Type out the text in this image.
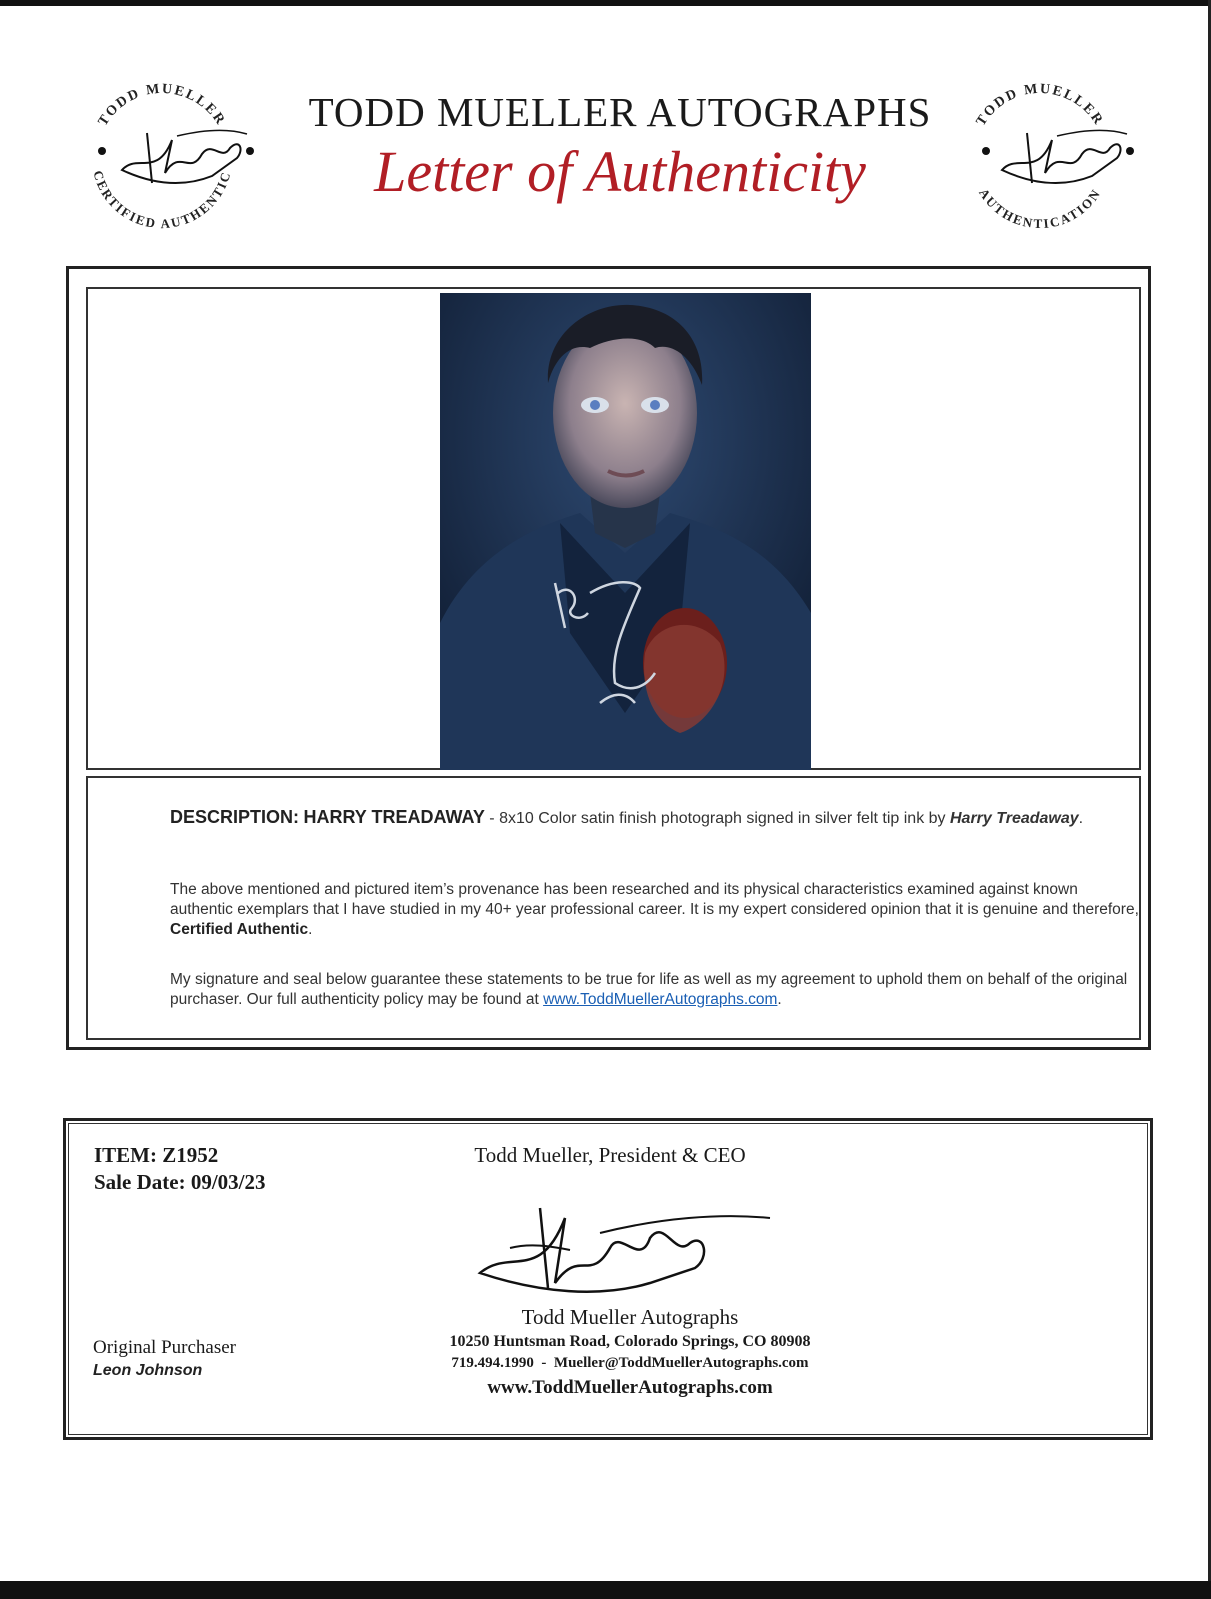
TODD MUELLER
CERTIFIED AUTHENTIC
TODD MUELLER
AUTHENTICATION
TODD MUELLER AUTOGRAPHS
Letter of Authenticity
DESCRIPTION: HARRY TREADAWAY - 8x10 Color satin finish photograph signed in silver felt tip ink by Harry Treadaway.
The above mentioned and pictured item’s provenance has been researched and its physical characteristics examined against known authentic exemplars that I have studied in my 40+ year professional career. It is my expert considered opinion that it is genuine and therefore, Certified Authentic.
My signature and seal below guarantee these statements to be true for life as well as my agreement to uphold them on behalf of the original purchaser. Our full authenticity policy may be found at www.ToddMuellerAutographs.com.
ITEM: Z1952
Sale Date: 09/03/23
Original Purchaser
Leon Johnson
Todd Mueller, President & CEO
Todd Mueller Autographs
10250 Huntsman Road, Colorado Springs, CO 80908
719.494.1990  -  Mueller@ToddMuellerAutographs.com
www.ToddMuellerAutographs.com
